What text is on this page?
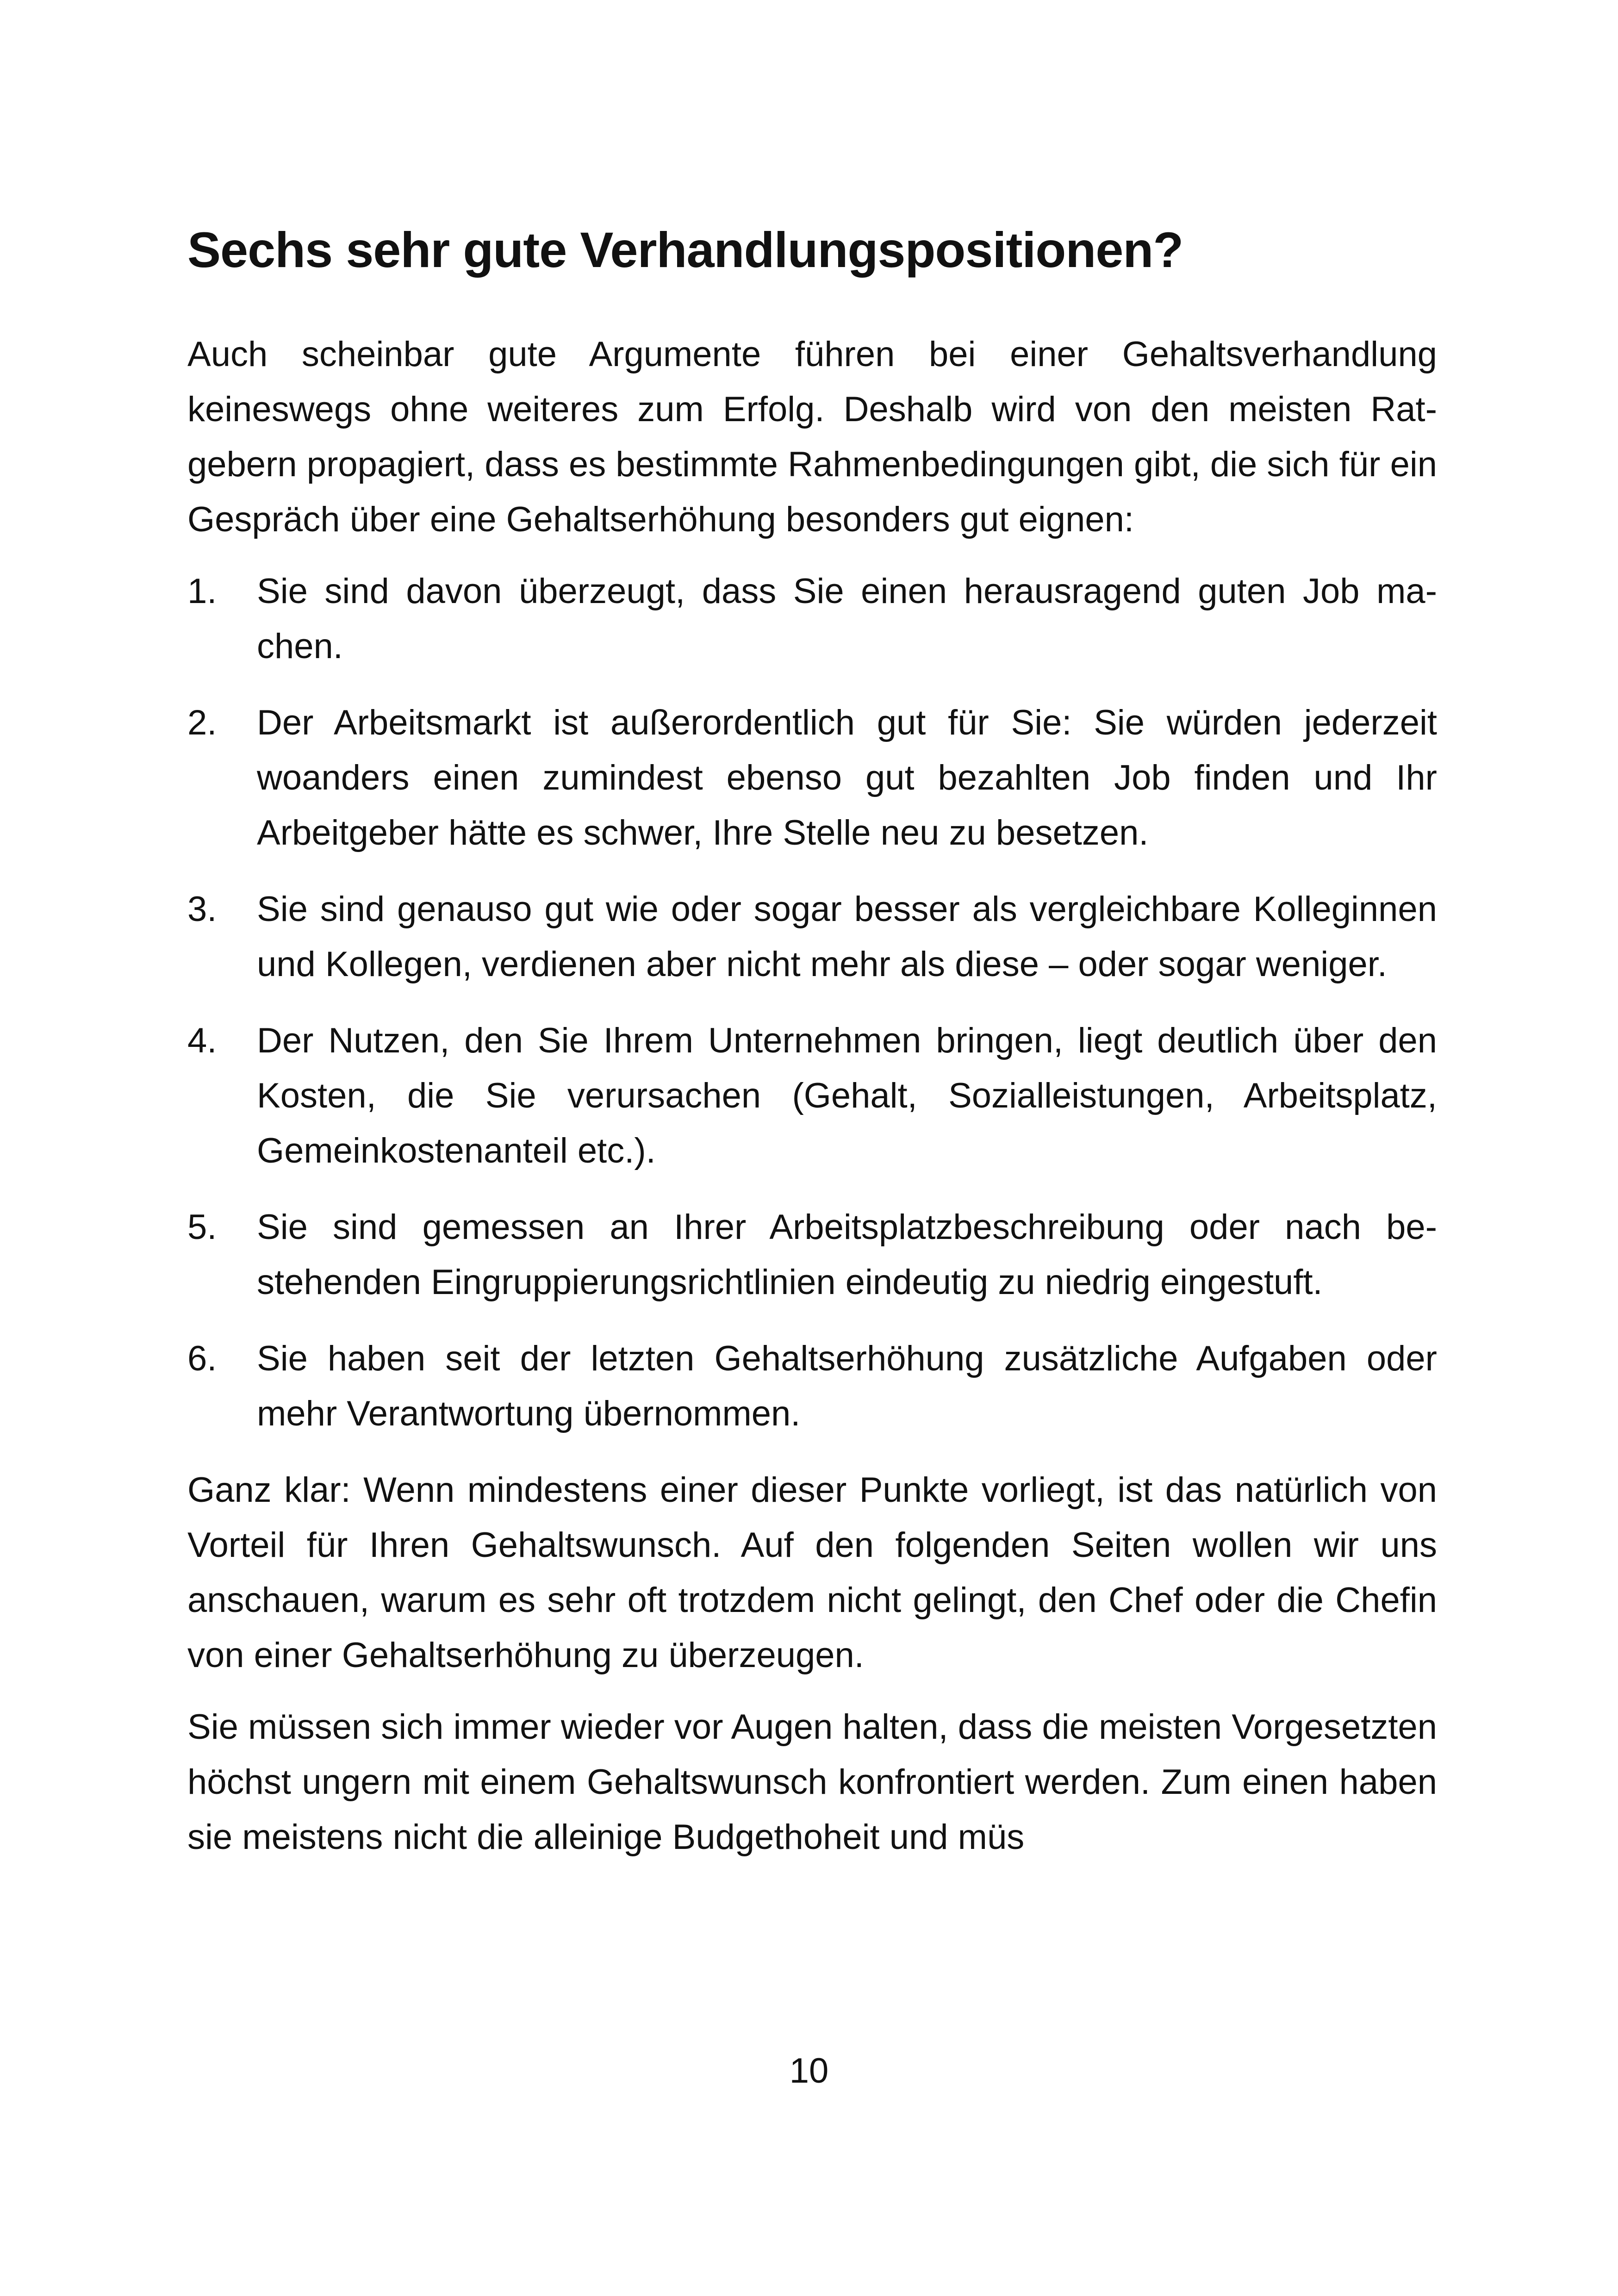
Sechs sehr gute Verhandlungspositionen?

Auch scheinbar gute Argumente führen bei einer Gehaltsverhandlung keineswegs ohne weiteres zum Erfolg. Deshalb wird von den meisten Ratgebern propagiert, dass es bestimmte Rahmenbedingungen gibt, die sich für ein Gespräch über eine Gehaltserhöhung besonders gut eignen:

1.	Sie sind davon überzeugt, dass Sie einen herausragend guten Job machen.
2.	Der Arbeitsmarkt ist außerordentlich gut für Sie: Sie würden jederzeit woanders einen zumindest ebenso gut bezahlten Job finden und Ihr Arbeitgeber hätte es schwer, Ihre Stelle neu zu besetzen.
3.	Sie sind genauso gut wie oder sogar besser als vergleichbare Kolleginnen und Kollegen, verdienen aber nicht mehr als diese – oder sogar weniger.
4.	Der Nutzen, den Sie Ihrem Unternehmen bringen, liegt deutlich über den Kosten, die Sie verursachen (Gehalt, Sozialleistungen, Arbeitsplatz, Gemeinkostenanteil etc.).
5.	Sie sind gemessen an Ihrer Arbeitsplatzbeschreibung oder nach bestehenden Eingruppierungsrichtlinien eindeutig zu niedrig eingestuft.
6.	Sie haben seit der letzten Gehaltserhöhung zusätzliche Aufgaben oder mehr Verantwortung übernommen.

Ganz klar: Wenn mindestens einer dieser Punkte vorliegt, ist das natürlich von Vorteil für Ihren Gehaltswunsch. Auf den folgenden Seiten wollen wir uns anschauen, warum es sehr oft trotzdem nicht gelingt, den Chef oder die Chefin von einer Gehaltserhöhung zu überzeugen.

Sie müssen sich immer wieder vor Augen halten, dass die meisten Vorgesetzten höchst ungern mit einem Gehaltswunsch konfrontiert werden. Zum einen haben sie meistens nicht die alleinige Budgethoheit und müs

10
